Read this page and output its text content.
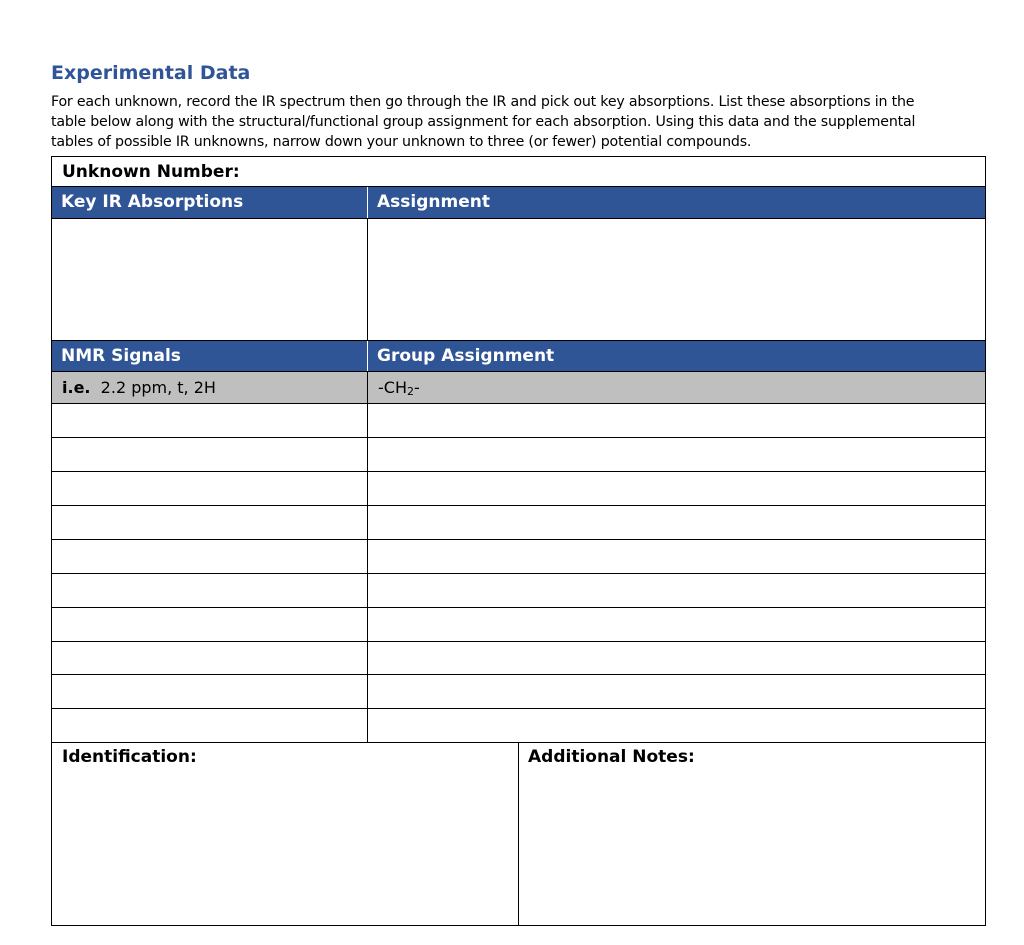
Experimental Data

For each unknown, record the IR spectrum then go through the IR and pick out key absorptions. List these absorptions in the

table below along with the structural/functional group assignment for each absorption. Using this data and the supplemental

tables of possible IR unknowns, narrow down your unknown to three (or fewer) potential compounds.

Unknown Number:
Key IR Absorptions	Assignment
NMR Signals	Group Assignment
i.e. 2.2 ppm, t, 2H	-CH2-
Identification:	Additional Notes:
